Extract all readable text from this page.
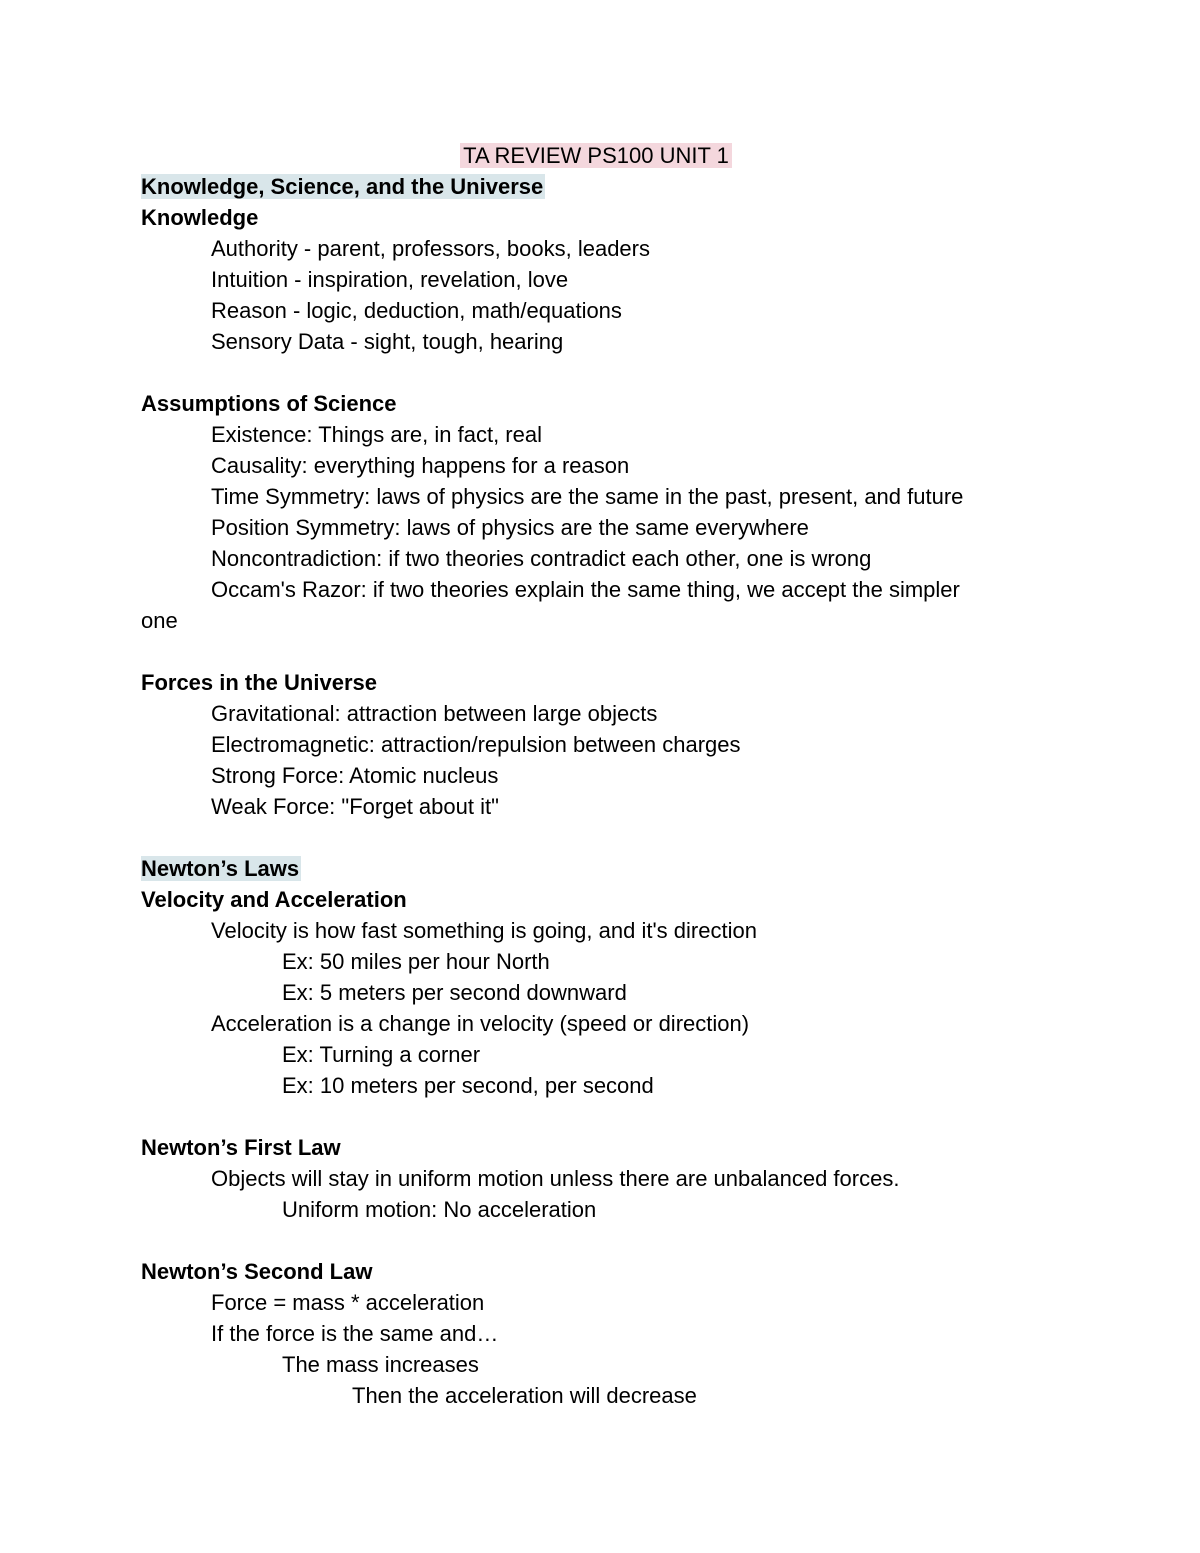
TA REVIEW PS100 UNIT 1
Knowledge, Science, and the Universe
Knowledge
Authority - parent, professors, books, leaders
Intuition - inspiration, revelation, love
Reason - logic, deduction, math/equations
Sensory Data - sight, tough, hearing
Assumptions of Science
Existence: Things are, in fact, real
Causality: everything happens for a reason
Time Symmetry: laws of physics are the same in the past, present, and future
Position Symmetry: laws of physics are the same everywhere
Noncontradiction: if two theories contradict each other, one is wrong
Occam's Razor: if two theories explain the same thing, we accept the simpler
one
Forces in the Universe
Gravitational: attraction between large objects
Electromagnetic: attraction/repulsion between charges
Strong Force: Atomic nucleus
Weak Force: "Forget about it"
Newton’s Laws
Velocity and Acceleration
Velocity is how fast something is going, and it's direction
Ex: 50 miles per hour North
Ex: 5 meters per second downward
Acceleration is a change in velocity (speed or direction)
Ex: Turning a corner
Ex: 10 meters per second, per second
Newton’s First Law
Objects will stay in uniform motion unless there are unbalanced forces.
Uniform motion: No acceleration
Newton’s Second Law
Force = mass * acceleration
If the force is the same and…
The mass increases
Then the acceleration will decrease
